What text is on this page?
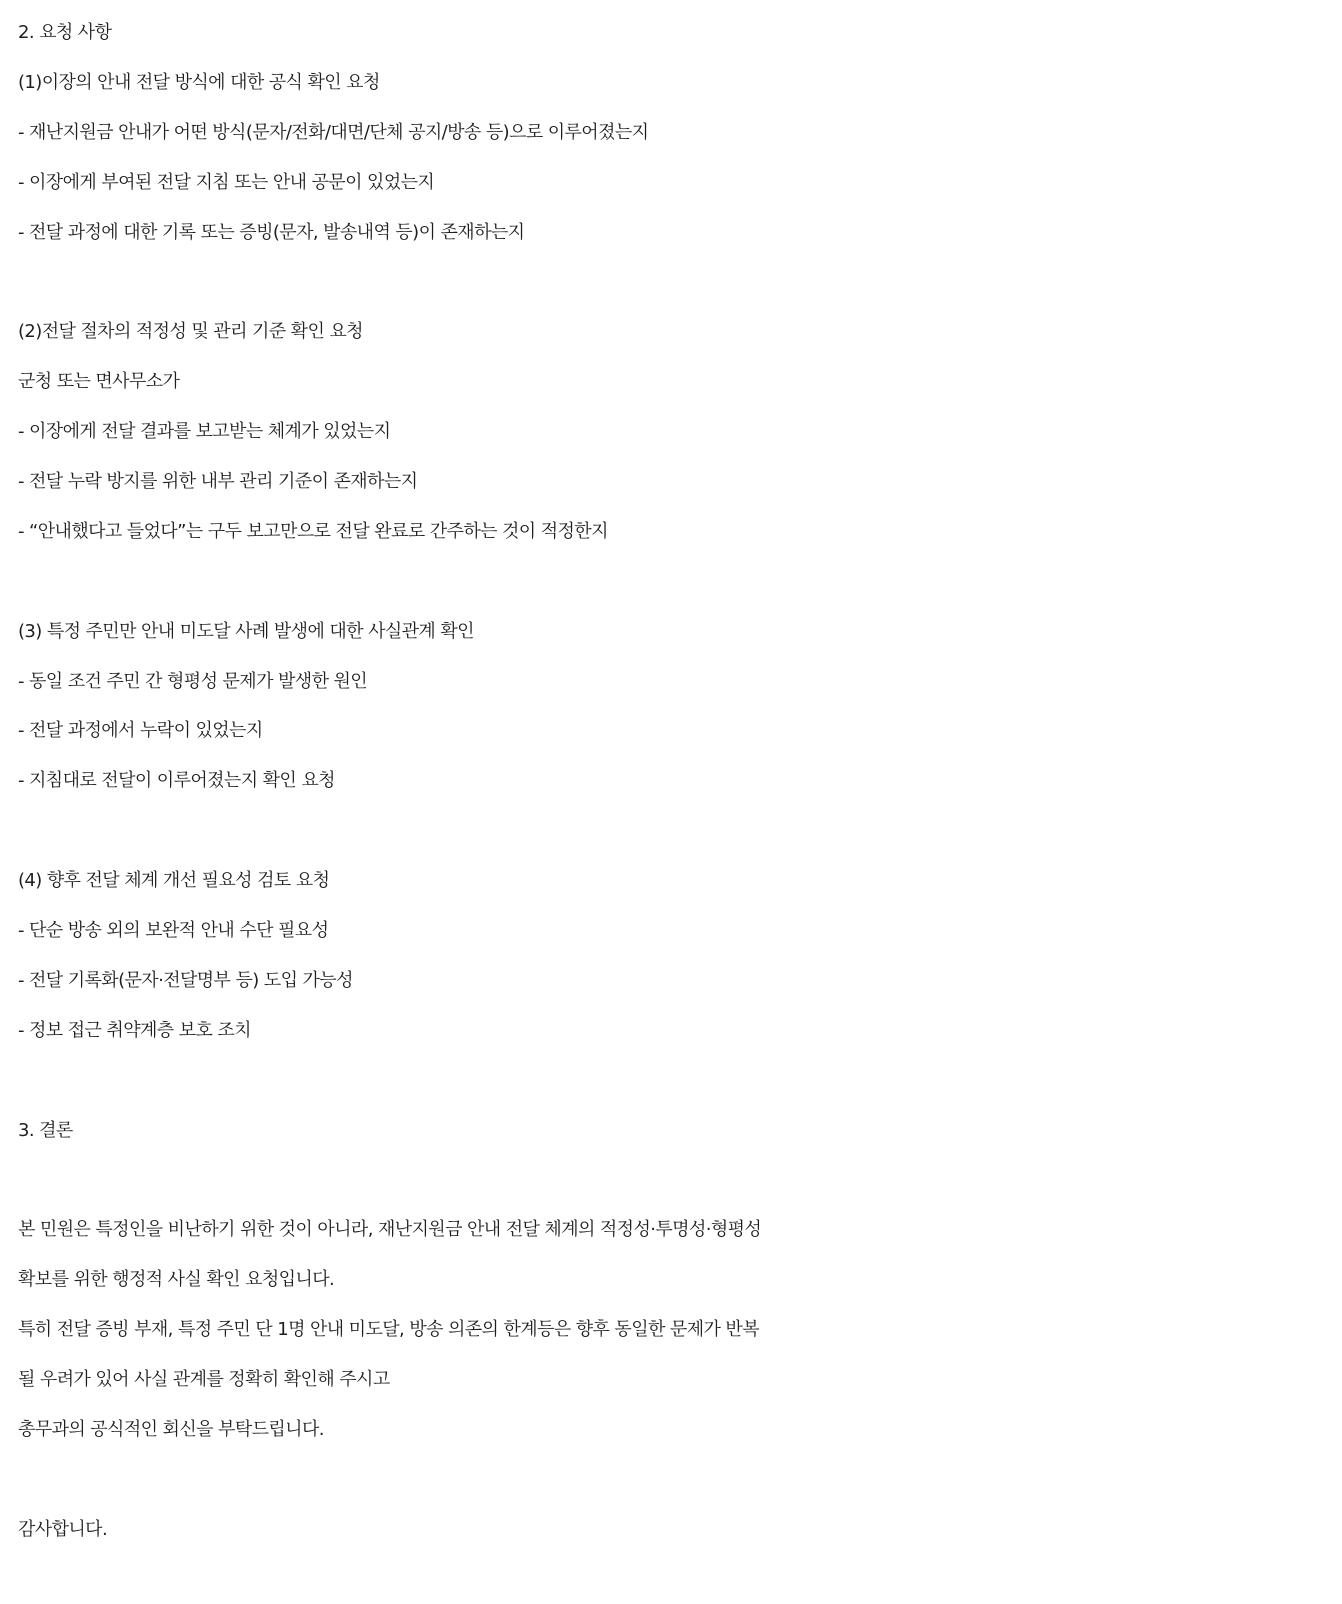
2. 요청 사항
(1)이장의 안내 전달 방식에 대한 공식 확인 요청
- 재난지원금 안내가 어떤 방식(문자/전화/대면/단체 공지/방송 등)으로 이루어졌는지
- 이장에게 부여된 전달 지침 또는 안내 공문이 있었는지
- 전달 과정에 대한 기록 또는 증빙(문자, 발송내역 등)이 존재하는지
(2)전달 절차의 적정성 및 관리 기준 확인 요청
군청 또는 면사무소가
- 이장에게 전달 결과를 보고받는 체계가 있었는지
- 전달 누락 방지를 위한 내부 관리 기준이 존재하는지
- “안내했다고 들었다”는 구두 보고만으로 전달 완료로 간주하는 것이 적정한지
(3) 특정 주민만 안내 미도달 사례 발생에 대한 사실관계 확인
- 동일 조건 주민 간 형평성 문제가 발생한 원인
- 전달 과정에서 누락이 있었는지
- 지침대로 전달이 이루어졌는지 확인 요청
(4) 향후 전달 체계 개선 필요성 검토 요청
- 단순 방송 외의 보완적 안내 수단 필요성
- 전달 기록화(문자·전달명부 등) 도입 가능성
- 정보 접근 취약계층 보호 조치
3. 결론
본 민원은 특정인을 비난하기 위한 것이 아니라, 재난지원금 안내 전달 체계의 적정성·투명성·형평성
확보를 위한 행정적 사실 확인 요청입니다.
특히 전달 증빙 부재, 특정 주민 단 1명 안내 미도달, 방송 의존의 한계등은 향후 동일한 문제가 반복
될 우려가 있어 사실 관계를 정확히 확인해 주시고
총무과의 공식적인 회신을 부탁드립니다.
감사합니다.
